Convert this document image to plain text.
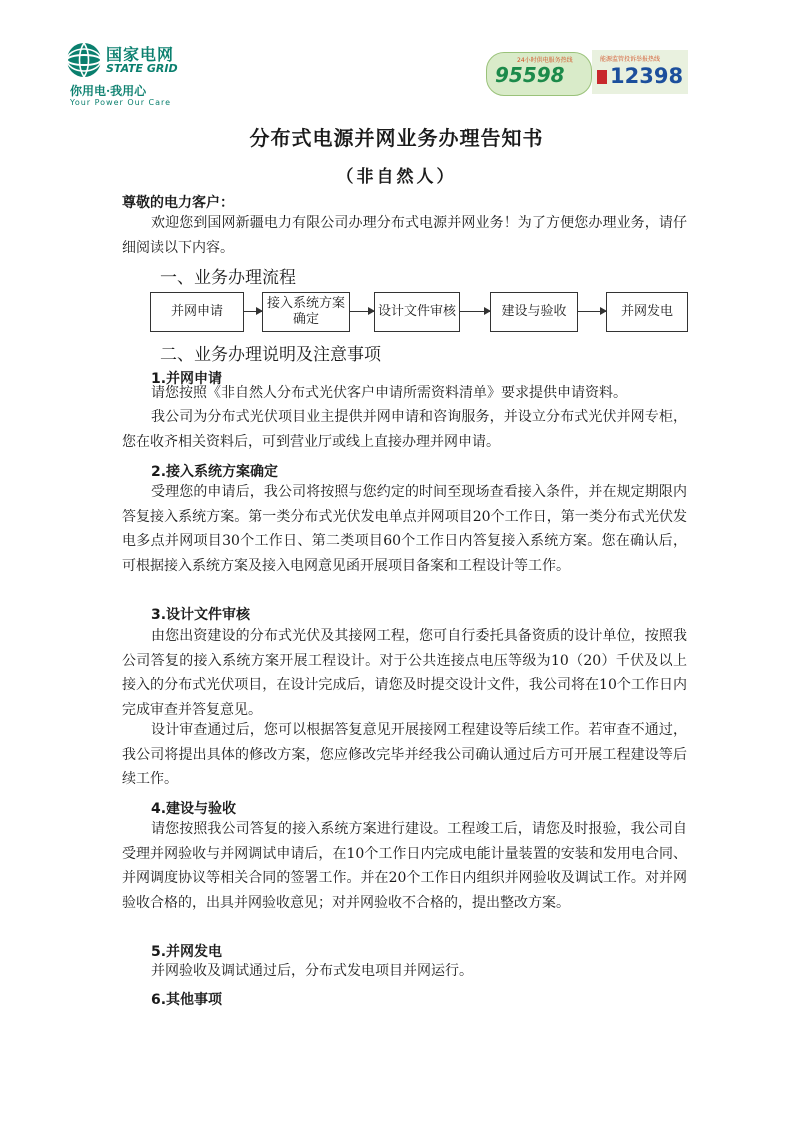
国家电网
STATE GRID
你用电·我用心
Your Power Our Care
24小时供电服务热线
95598
能源监管投诉举报热线
12398
分布式电源并网业务办理告知书
（非自然人）
尊敬的电力客户：
欢迎您到国网新疆电力有限公司办理分布式电源并网业务！为了方便您办理业务，请仔细阅读以下内容。
一、业务办理流程
并网申请
接入系统方案确定
设计文件审核	建设与验收	并网发电
二、业务办理说明及注意事项
1.并网申请
请您按照《非自然人分布式光伏客户申请所需资料清单》要求提供申请资料。
我公司为分布式光伏项目业主提供并网申请和咨询服务，并设立分布式光伏并网专柜，您在收齐相关资料后，可到营业厅或线上直接办理并网申请。
2.接入系统方案确定
受理您的申请后，我公司将按照与您约定的时间至现场查看接入条件，并在规定期限内答复接入系统方案。第一类分布式光伏发电单点并网项目20个工作日，第一类分布式光伏发电多点并网项目30个工作日、第二类项目60个工作日内答复接入系统方案。您在确认后，可根据接入系统方案及接入电网意见函开展项目备案和工程设计等工作。
3.设计文件审核
由您出资建设的分布式光伏及其接网工程，您可自行委托具备资质的设计单位，按照我公司答复的接入系统方案开展工程设计。对于公共连接点电压等级为10（20）千伏及以上接入的分布式光伏项目，在设计完成后，请您及时提交设计文件，我公司将在10个工作日内完成审查并答复意见。
设计审查通过后，您可以根据答复意见开展接网工程建设等后续工作。若审查不通过，我公司将提出具体的修改方案，您应修改完毕并经我公司确认通过后方可开展工程建设等后续工作。
4.建设与验收
请您按照我公司答复的接入系统方案进行建设。工程竣工后，请您及时报验，我公司自受理并网验收与并网调试申请后，在10个工作日内完成电能计量装置的安装和发用电合同、并网调度协议等相关合同的签署工作。并在20个工作日内组织并网验收及调试工作。对并网验收合格的，出具并网验收意见；对并网验收不合格的，提出整改方案。
5.并网发电
并网验收及调试通过后，分布式发电项目并网运行。
6.其他事项
